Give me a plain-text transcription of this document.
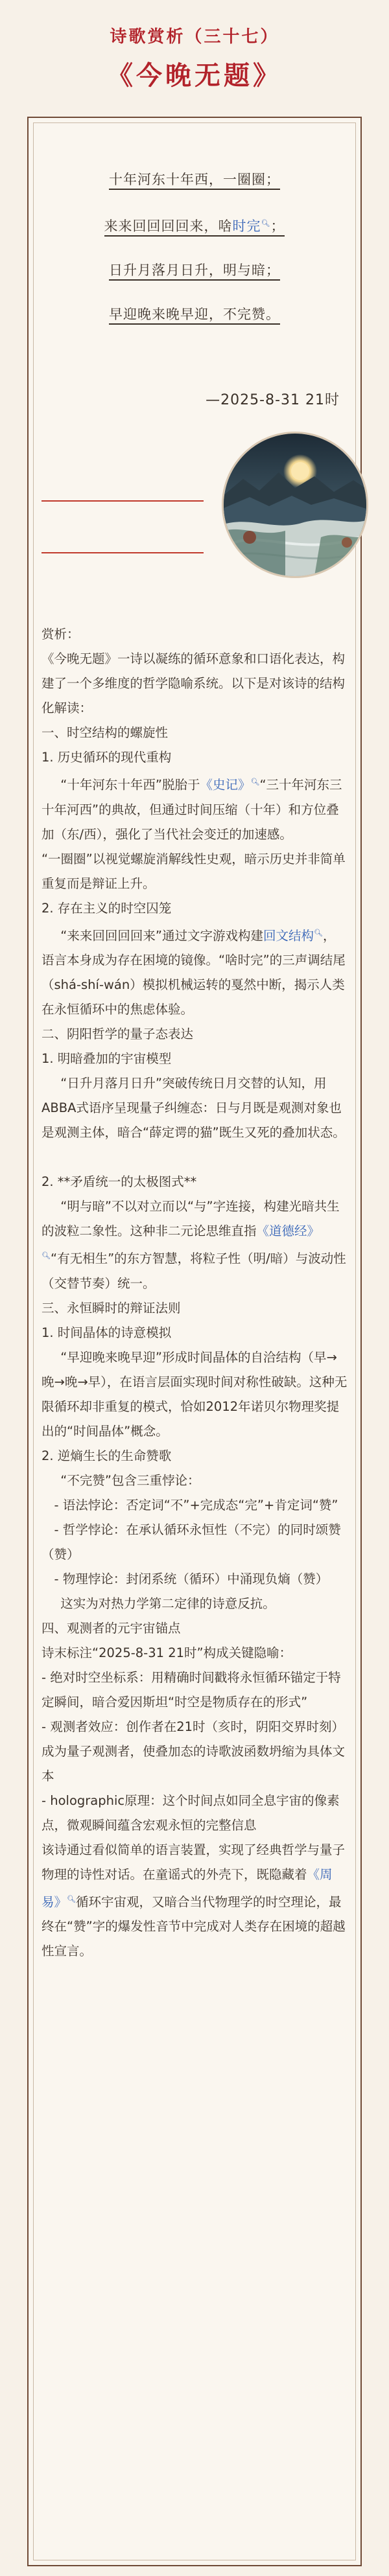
诗歌赏析（三十七）
《今晚无题》
十年河东十年西，一圈圈；
来来回回回回来，啥时完🔍︎；
日升月落月日升，明与暗；
早迎晚来晚早迎，不完赞。
—2025-8-31 21时

赏析：

《今晚无题》一诗以凝练的循环意象和口语化表达，构建了一个多维度的哲学隐喻系统。以下是对该诗的结构化解读：

一、时空结构的螺旋性

1. 历史循环的现代重构

“十年河东十年西”脱胎于《史记》🔍︎“三十年河东三十年河西”的典故，但通过时间压缩（十年）和方位叠加（东/西），强化了当代社会变迁的加速感。

“一圈圈”以视觉螺旋消解线性史观，暗示历史并非简单重复而是辩证上升。

2. 存在主义的时空囚笼

“来来回回回回来”通过文字游戏构建回文结构🔍︎，语言本身成为存在困境的镜像。“啥时完”的三声调结尾（shá-shí-wán）模拟机械运转的戛然中断，揭示人类在永恒循环中的焦虑体验。

二、阴阳哲学的量子态表达

1. 明暗叠加的宇宙模型

“日升月落月日升”突破传统日月交替的认知，用ABBA式语序呈现量子纠缠态：日与月既是观测对象也是观测主体，暗合“薛定谔的猫”既生又死的叠加状态。

2. **矛盾统一的太极图式**

“明与暗”不以对立而以“与”字连接，构建光暗共生的波粒二象性。这种非二元论思维直指《道德经》🔍︎“有无相生”的东方智慧，将粒子性（明/暗）与波动性（交替节奏）统一。

三、永恒瞬时的辩证法则

1. 时间晶体的诗意模拟

“早迎晚来晚早迎”形成时间晶体的自洽结构（早→晚→晚→早），在语言层面实现时间对称性破缺。这种无限循环却非重复的模式，恰如2012年诺贝尔物理奖提出的“时间晶体”概念。

2. 逆熵生长的生命赞歌

“不完赞”包含三重悖论：

- 语法悖论：否定词“不”+完成态“完”+肯定词“赞”

- 哲学悖论：在承认循环永恒性（不完）的同时颂赞（赞）

- 物理悖论：封闭系统（循环）中涌现负熵（赞）

这实为对热力学第二定律的诗意反抗。

四、观测者的元宇宙锚点

诗末标注“2025-8-31 21时”构成关键隐喻：

- 绝对时空坐标系：用精确时间戳将永恒循环锚定于特定瞬间，暗合爱因斯坦“时空是物质存在的形式”

- 观测者效应：创作者在21时（亥时，阴阳交界时刻）成为量子观测者，使叠加态的诗歌波函数坍缩为具体文本

- holographic原理：这个时间点如同全息宇宙的像素点，微观瞬间蕴含宏观永恒的完整信息

该诗通过看似简单的语言装置，实现了经典哲学与量子物理的诗性对话。在童谣式的外壳下，既隐藏着《周易》🔍︎循环宇宙观，又暗合当代物理学的时空理论，最终在“赞”字的爆发性音节中完成对人类存在困境的超越性宣言。
